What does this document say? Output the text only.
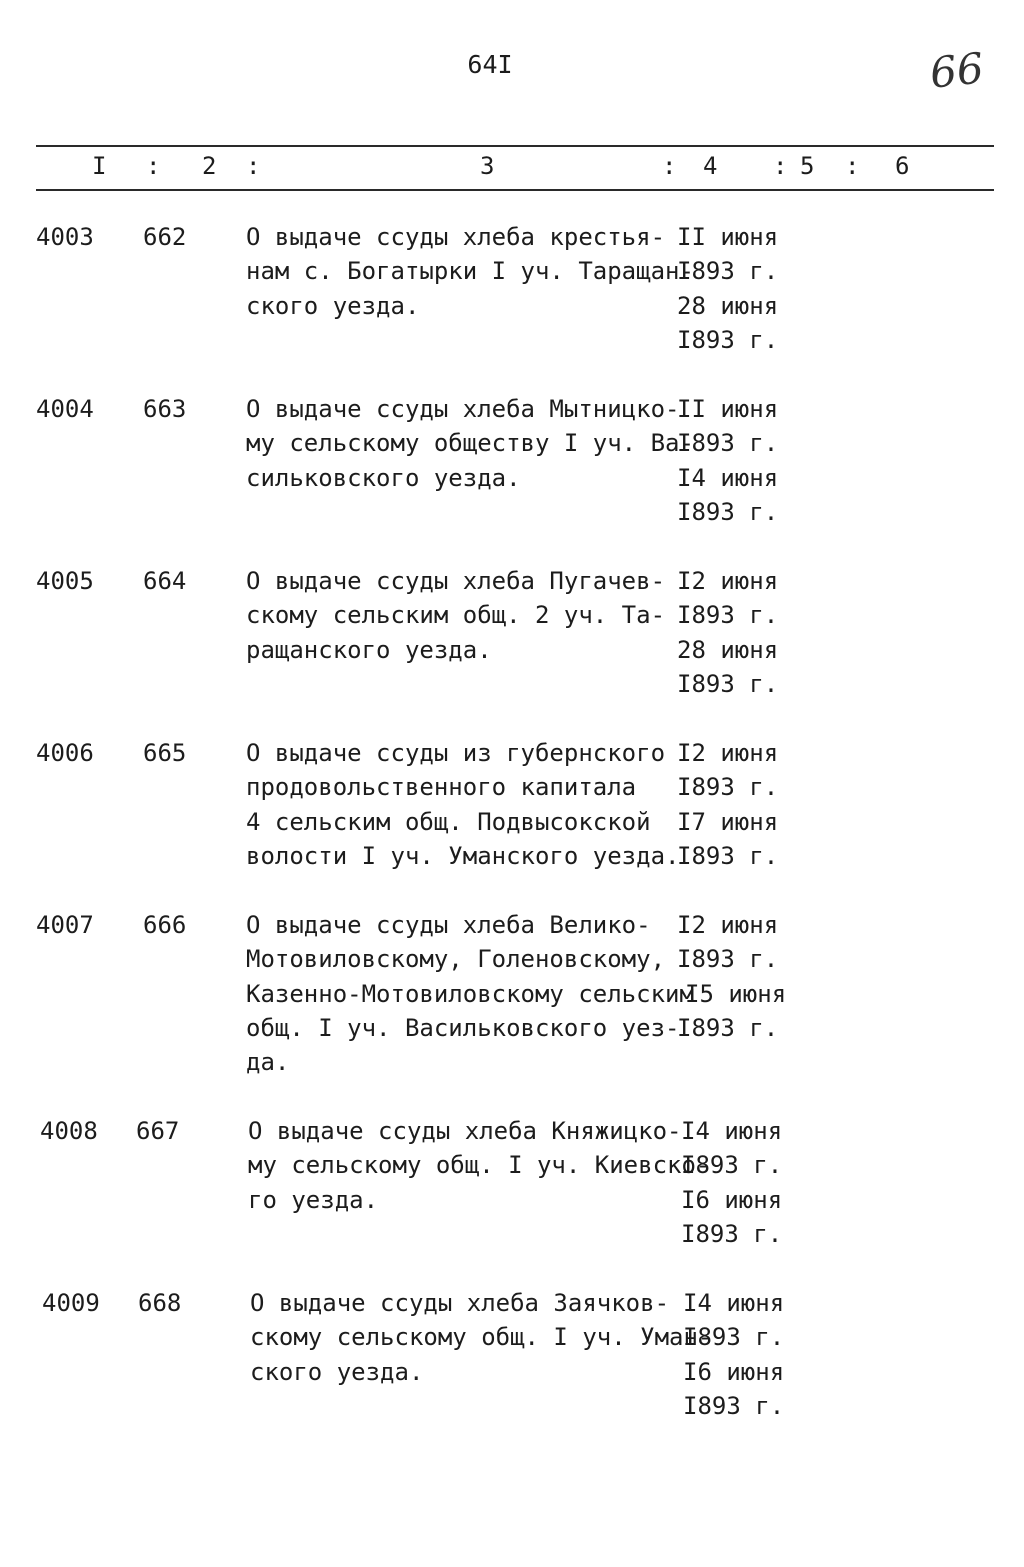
64I	66
I : 2 :	3	: 4 : 5 : 6
4003 662 О выдаче ссуды хлеба крестья-
нам с. Богатырки I уч. Таращан-
ского уезда.
II июня
I893 г.
28 июня
I893 г.
4004 663 О выдаче ссуды хлеба Мытницко-
му сельскому обществу I уч. Ва-
сильковского уезда.
II июня
I893 г.
I4 июня
I893 г.
4005 664 О выдаче ссуды хлеба Пугачев-
скому сельским общ. 2 уч. Та-
ращанского уезда.
I2 июня
I893 г.
28 июня
I893 г.
4006 665 О выдаче ссуды из губернского
продовольственного капитала
4 сельским общ. Подвысокской
волости I уч. Уманского уезда.
I2 июня
I893 г.
I7 июня
I893 г.
4007 666 О выдаче ссуды хлеба Велико-
Мотовиловскому, Голеновскому,
Казенно-Мотовиловскому сельским
общ. I уч. Васильковского уез-
да.
I2 июня
I893 г.
I5 июня
I893 г.
4008 667	О выдаче ссуды хлеба Княжицко-
му сельскому общ. I уч. Киевско-
го уезда.
I4 июня
I893 г.
I6 июня
I893 г.
4009 668	О выдаче ссуды хлеба Заячков-
скому сельскому общ. I уч. Уман-
ского уезда.
I4 июня
I893 г.
I6 июня
I893 г.
